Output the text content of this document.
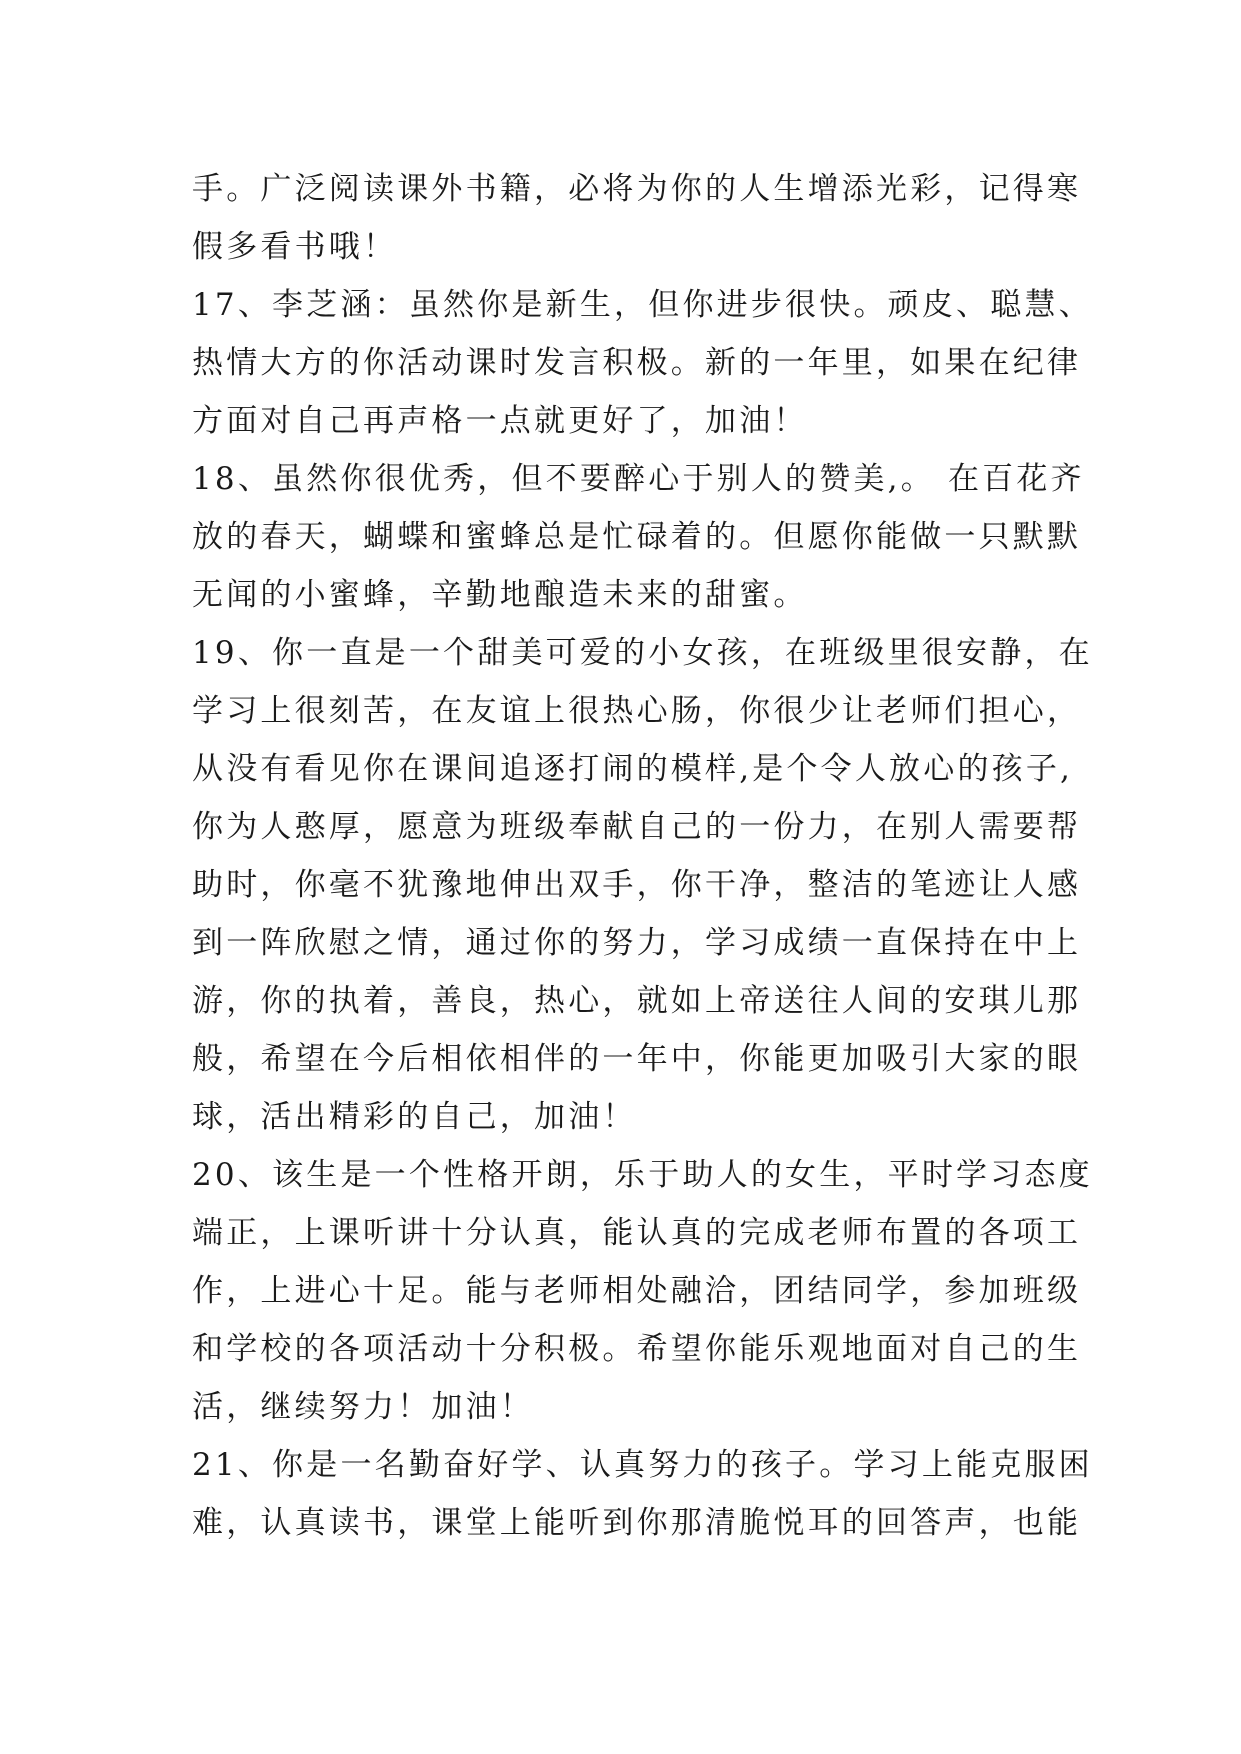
手。广泛阅读课外书籍，必将为你的人生增添光彩，记得寒
假多看书哦！
17、李芝涵：虽然你是新生，但你进步很快。顽皮、聪慧、
热情大方的你活动课时发言积极。新的一年里，如果在纪律
方面对自己再声格一点就更好了，加油！
18、虽然你很优秀，但不要醉心于别人的赞美,。 在百花齐
放的春天，蝴蝶和蜜蜂总是忙碌着的。但愿你能做一只默默
无闻的小蜜蜂，辛勤地酿造未来的甜蜜。
19、你一直是一个甜美可爱的小女孩，在班级里很安静，在
学习上很刻苦，在友谊上很热心肠，你很少让老师们担心，
从没有看见你在课间追逐打闹的模样,是个令人放心的孩子,
你为人憨厚，愿意为班级奉献自己的一份力，在别人需要帮
助时，你毫不犹豫地伸出双手，你干净，整洁的笔迹让人感
到一阵欣慰之情，通过你的努力，学习成绩一直保持在中上
游，你的执着，善良，热心，就如上帝送往人间的安琪儿那
般，希望在今后相依相伴的一年中，你能更加吸引大家的眼
球，活出精彩的自己，加油！
20、该生是一个性格开朗，乐于助人的女生，平时学习态度
端正，上课听讲十分认真，能认真的完成老师布置的各项工
作，上进心十足。能与老师相处融洽，团结同学，参加班级
和学校的各项活动十分积极。希望你能乐观地面对自己的生
活，继续努力！加油！
21、你是一名勤奋好学、认真努力的孩子。学习上能克服困
难，认真读书，课堂上能听到你那清脆悦耳的回答声，也能
